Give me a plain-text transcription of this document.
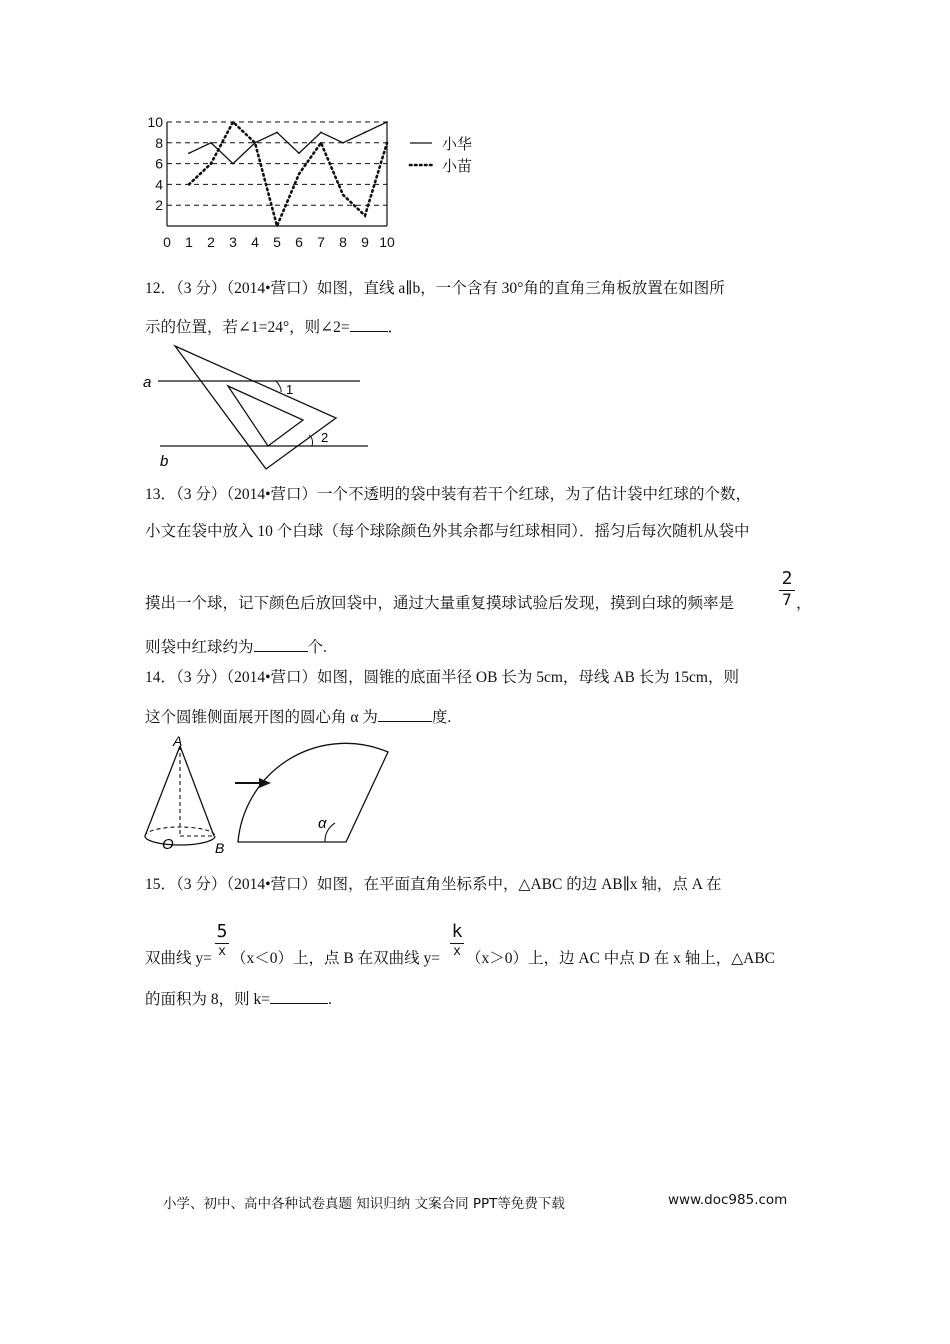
2
4
6
8
10
0 1 2 3 4 5 6 7 8 9 10
小华
小苗
12．（3 分）（2014•营口）如图，直线 a∥b，一个含有 30°角的直角三角板放置在如图所
示的位置，若∠1=24°，则∠2= ．
a
b
1
2
13．（3 分）（2014•营口）一个不透明的袋中装有若干个红球，为了估计袋中红球的个数，
小文在袋中放入 10 个白球（每个球除颜色外其余都与红球相同）．摇匀后每次随机从袋中
摸出一个球，记下颜色后放回袋中，通过大量重复摸球试验后发现，摸到白球的频率是
2
7 ，
则袋中红球约为	个.
14．（3 分）（2014•营口）如图，圆锥的底面半径 OB 长为 5cm，母线 AB 长为 15cm，则
这个圆锥侧面展开图的圆心角 α 为	度.
A
O	B
α
15．（3 分）（2014•营口）如图，在平面直角坐标系中，△ABC 的边 AB∥x 轴，点 A 在
双曲线 y=
5
x （x＜0）上，点 B 在双曲线 y=
k
x （x＞0）上，边 AC 中点 D 在 x 轴上，△ABC
的面积为 8，则 k=	.
小学、初中、高中各种试卷真题 知识归纳 文案合同 PPT等免费下载	www.doc985.com
